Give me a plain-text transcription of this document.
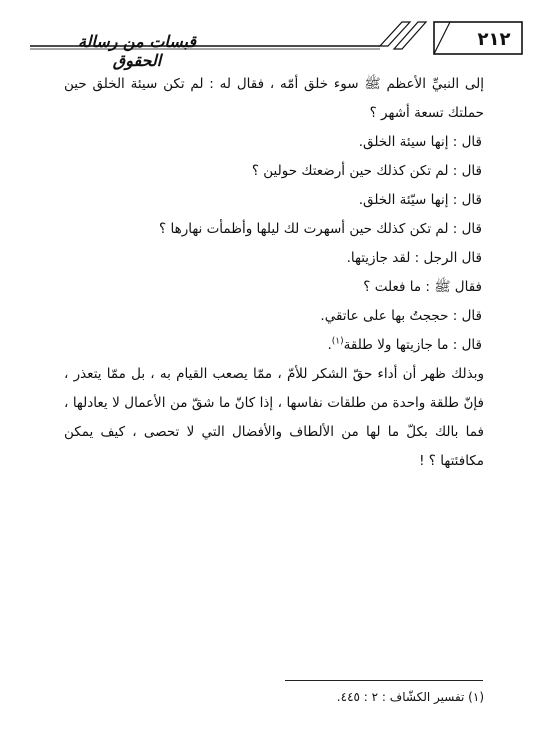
٢١٢
قبسات من رسالة الحقوق

إلى النبيِّ الأعظم ﷺ سوء خلق أمّه ، فقال له : لم تكن سيئة الخلق حين حملتك تسعة أشهر ؟

قال : إنها سيئة الخلق.

قال : لم تكن كذلك حين أرضعتك حولين ؟

قال : إنها سيّئة الخلق.

قال : لم تكن كذلك حين أسهرت لك ليلها وأظمأت نهارها ؟

قال الرجل : لقد جازيتها.

فقال ﷺ : ما فعلت ؟

قال : حججتُ بها على عاتقي.

قال : ما جازيتها ولا طلقة$^{(١)}$.

وبذلك ظهر أن أداء حقّ الشكر للأمّ ، ممّا يصعب القيام به ، بل ممّا يتعذر ، فإنّ طلقة واحدة من طلقات نفاسها ، إذا كانّ ما شقّ من الأعمال لا يعادلها ، فما بالك بكلّ ما لها من الألطاف والأفضال التي لا تحصى ، كيف يمكن مكافئتها ؟ !

(١) تفسير الكشّاف : ٢ : ٤٤٥.
